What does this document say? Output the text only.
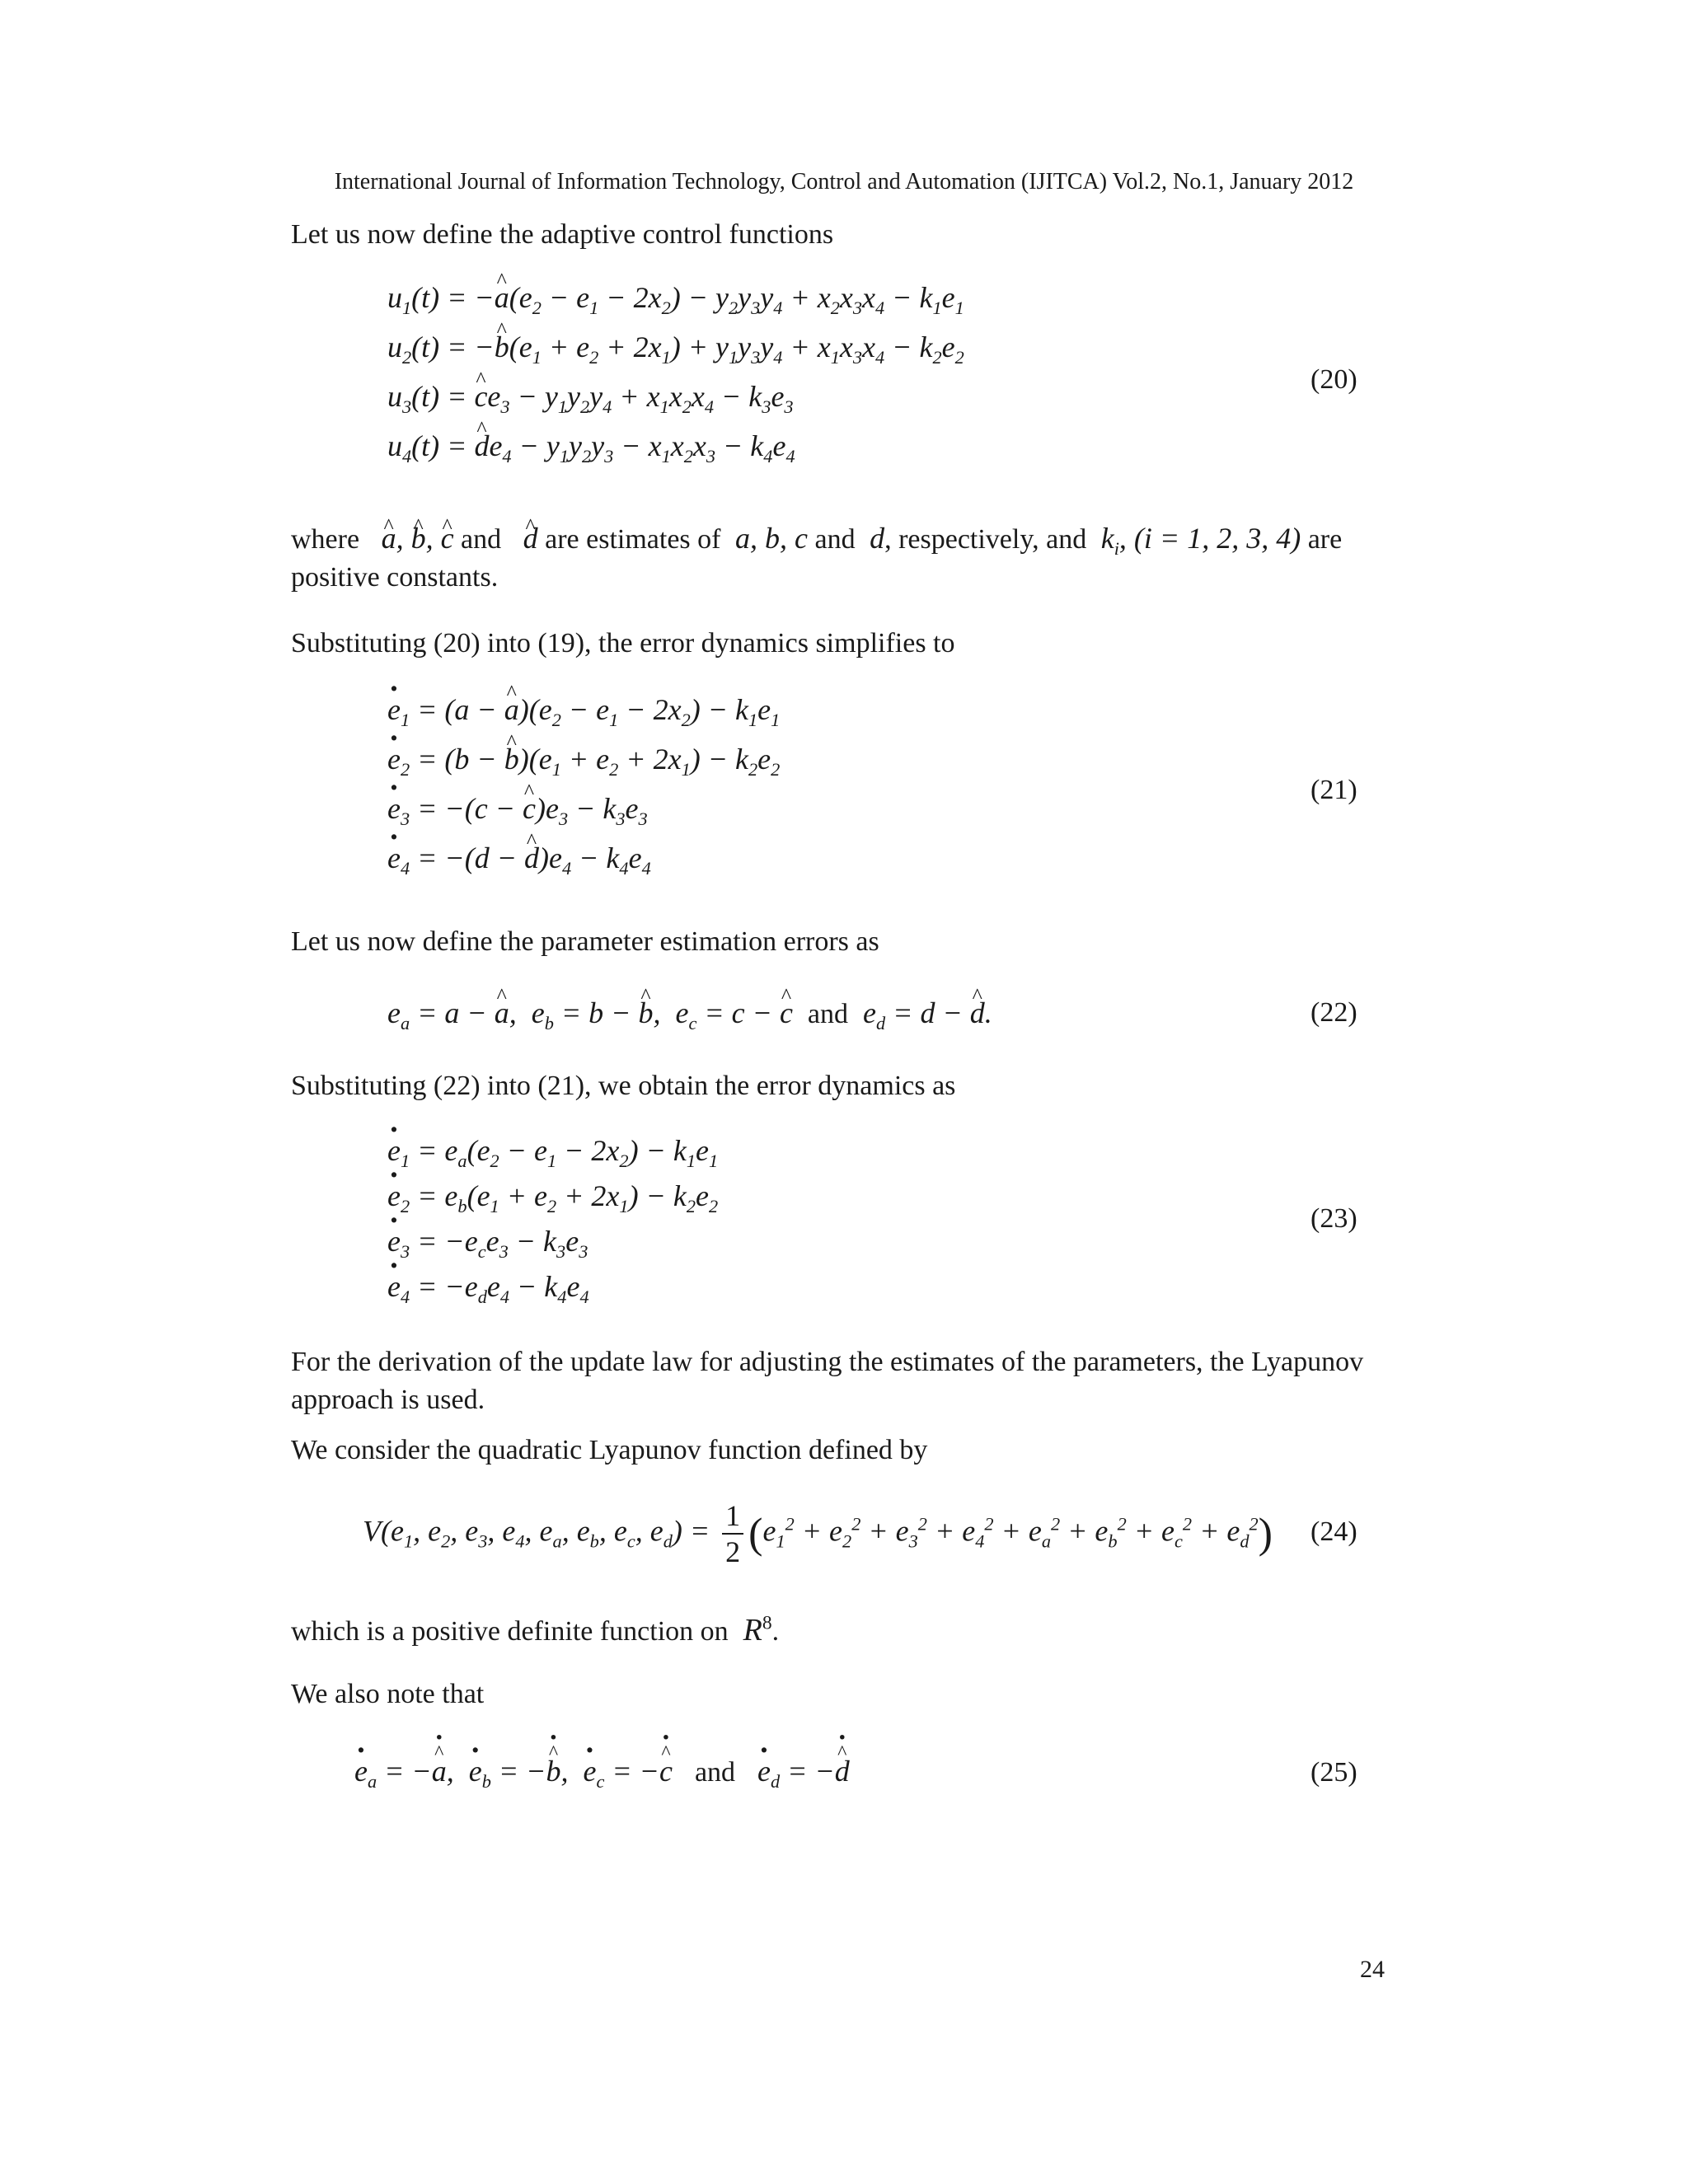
International Journal of Information Technology, Control and Automation (IJITCA) Vol.2, No.1, January 2012
Let us now define the adaptive control functions
$u_1(t) = -a$ $\^{}(e_2 - e_1 - 2x_2) - y_2y_3y_4 + x_2x_3x_4 - k_1e_1$
$u_2(t) = -b$ $\^{}(e_1 + e_2 + 2x_1) + y_1y_3y_4 + x_1x_3x_4 - k_2e_2$
$u_3(t) = c$ $\^{}e_3 - y_1y_2y_4 + x_1x_2x_4 - k_3e_3$
$u_4(t) = d$ $\^{}e_4 - y_1y_2y_3 - x_1x_2x_3 - k_4e_4$
(20)
where a ^, b ^, c ^ and d ^ are estimates of  a, b, c and  d, respectively, and  $k_i$, (i = 1, 2, 3, 4) are
positive constants.
Substituting (20) into (19), the error dynamics simplifies to
$e \cdot_1 = (a - a$ $\^{})(e_2 - e_1 - 2x_2) - k_1e_1$
$e \cdot_2 = (b - b$ $\^{})(e_1 + e_2 + 2x_1) - k_2e_2$
$e \cdot_3 = -(c - c$ $\^{})e_3 - k_3e_3$
$e \cdot_4 = -(d - d$ $\^{})e_4 - k_4e_4$
(21)
Let us now define the parameter estimation errors as
$e_a = a - a$ ^,  $e_b = b - b$ ^,  $e_c = c - c$ ^ and  $e_d = d - d$ ^.	(22)
Substituting (22) into (21), we obtain the error dynamics as
$e \cdot_1 = e_a(e_2 - e_1 - 2x_2) - k_1e_1$
$e \cdot_2 = e_b(e_1 + e_2 + 2x_1) - k_2e_2$
$e \cdot_3 = -e_ce_3 - k_3e_3$
$e \cdot_4 = -e_de_4 - k_4e_4$
(23)
For the derivation of the update law for adjusting the estimates of the parameters, the Lyapunov approach is used.
We consider the quadratic Lyapunov function defined by
$V(e_1$, $e_2$, $e_3$, $e_4$, $e_a$, $e_b$, $e_c$, $e_d) = \frac{1}{2} (e_1^2 + e_2^2 + e_3^2 + e_4^2 + e_a^2 + e_b^2 + e_c^2 + e_d^2)$ (24)
which is a positive definite function on  $R^8$.
We also note that
$e \cdot_a$ = −· a ^,  $e \cdot_b$ = −· b ^,  $e \cdot_c$ = −· c ^ and $e \cdot_d$ = −· d ^	(25)
24
